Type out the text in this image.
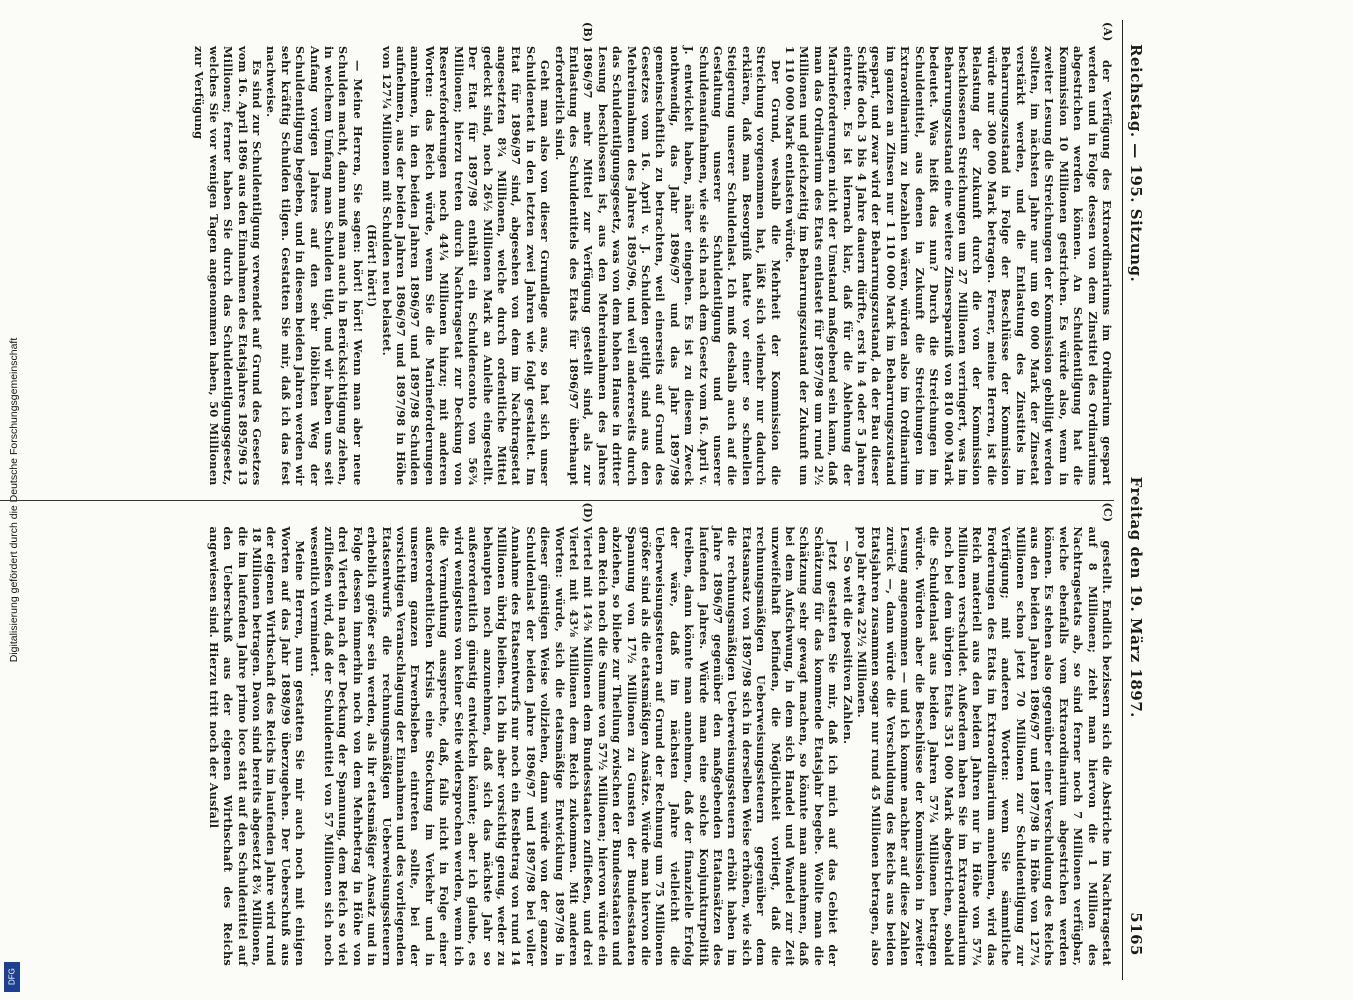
Digitalisierung gefördert durch die Deutsche Forschungsgemeinschaft
DFG
Reichstag. — 195. Sitzung.
Freitag den 19. März 1897.
5165
(A)
(B)

der Verfügung des Extraordinariums im Ordinarium gespart werden und in Folge dessen von dem Zinstitel des Ordinariums abgestrichen werden können. An Schuldentilgung hat die Kommission 10 Millionen gestrichen. Es würde also, wenn in zweiter Lesung die Streichungen der Kommission gebilligt werden sollten, im nächsten Jahre nur um 60 000 Mark der Zinsetat verstärkt werden, und die Entlastung des Zinstitels im Beharrungszustand in Folge der Beschlüsse der Kommission würde nur 300 000 Mark betragen. Ferner, meine Herren, ist die Belastung der Zukunft durch die von der Kommission beschlossenen Streichungen um 27 Millionen verringert, was im Beharrungszustand eine weitere Zinsersparniß von 810 000 Mark bedeutet. Was heißt das nun? Durch die Streichungen im Schuldentitel, aus denen in Zukunft die Streichungen im Extraordinarium zu bezahlen wären, würden also im Ordinarium im ganzen an Zinsen nur 1 110 000 Mark im Beharrungszustand gespart, und zwar wird der Beharrungszustand, da der Bau dieser Schiffe doch 3 bis 4 Jahre dauern dürfte, erst in 4 oder 5 Jahren eintreten. Es ist hiernach klar, daß für die Ablehnung der Marineforderungen nicht der Umstand maßgebend sein kann, daß man das Ordinarium des Etats entlastet für 1897/98 um rund 2½ Millionen und gleichzeitig im Beharrungszustand der Zukunft um 1 110 000 Mark entlasten würde.

Der Grund, weshalb die Mehrheit der Kommission die Streichung vorgenommen hat, läßt sich vielmehr nur dadurch erklären, daß man Besorgniß hatte vor einer so schnellen Steigerung unserer Schuldenlast. Ich muß deshalb auch auf die Gestaltung unserer Schuldentilgung und unserer Schuldenaufnahmen, wie sie sich nach dem Gesetz vom 16. April v. J. entwickelt haben, näher eingehen. Es ist zu diesem Zweck nothwendig, das Jahr 1896/97 und das Jahr 1897/98 gemeinschaftlich zu betrachten, weil einerseits auf Grund des Gesetzes vom 16. April v. J. Schulden getilgt sind aus den Mehreinnahmen des Jahres 1895/96, und weil andererseits durch das Schuldentilgungsgesetz, was von dem hohen Hause in dritter Lesung beschlossen ist, aus den Mehreinnahmen des Jahres 1896/97 mehr Mittel zur Verfügung gestellt sind, als zur Entlastung des Schuldentitels des Etats für 1896/97 überhaupt erforderlich sind.

Geht man also von dieser Grundlage aus, so hat sich unser Schuldenetat in den letzten zwei Jahren wie folgt gestaltet. Im Etat für 1896/97 sind, abgesehen von dem im Nachtragsetat angesetzten 8¾ Millionen, welche durch ordentliche Mittel gedeckt sind, noch 26½ Millionen Mark an Anleihe eingestellt. Der Etat für 1897/98 enthält ein Schuldenconto von 56¾ Millionen; hierzu treten durch Nachtragsetat zur Deckung von Reserveforderungen noch 44¼ Millionen hinzu; mit anderen Worten: das Reich würde, wenn Sie die Marineforderungen annehmen, in den beiden Jahren 1896/97 und 1897/98 Schulden aufnehmen, aus der beiden Jahren 1896/97 und 1897/98 in Höhe von 127¼ Millionen mit Schulden neu belastet.

(Hört! hört!)

— Meine Herren, Sie sagen: hört! hört! Wenn man aber neue Schulden macht, dann muß man auch in Berücksichtigung ziehen, in welchem Umfang man Schulden tilgt, und wir haben uns seit Anfang vorigen Jahres auf den sehr löblichen Weg der Schuldentilgung begeben, und in diesem beiden Jahren werden wir sehr kräftig Schulden tilgen. Gestatten Sie mir, daß ich das fest nachweise.

Es sind zur Schuldentilgung verwendet auf Grund des Gesetzes vom 16. April 1896 aus den Einnahmen des Etatsjahres 1895/96 13 Millionen; ferner haben Sie durch das Schuldentilgungsgesetz, welches Sie vor wenigen Tagen angenommen haben, 50 Millionen zur Verfügung

(C)
(D)

gestellt. Endlich bezissern sich die Abstriche im Nachtragsetat auf 8 Millionen; zieht man hiervon die 1 Million des Nachtragsetats ab, so sind ferner noch 7 Millionen verfügbar, welche ebenfalls vom Extraordinarium abgestrichen werden können. Es stehen also gegenüber einer Verschuldung des Reichs aus den beiden Jahren 1896/97 und 1897/98 in Höhe von 127¼ Millionen schon jetzt 70 Millionen zur Schuldentilgung zur Verfügung; mit anderen Worten: wenn Sie sämmtliche Forderungen des Etats im Extraordinarium annehmen, wird das Reich materiell aus den beiden Jahren nur in Höhe von 57¼ Millionen verschuldet. Außerdem haben Sie im Extraordinarium noch bei dem übrigen Etats 351 000 Mark abgestrichen, sobald die Schuldenlast aus beiden Jahren 57¼ Millionen betragen würde. Würden aber die Beschlüsse der Kommission in zweiter Lesung angenommen — und ich komme nachher auf diese Zahlen zurück —, dann würde die Verschuldung des Reichs aus beiden Etatsjahren zusammen sogar nur rund 45 Millionen betragen, also pro Jahr etwa 22½ Millionen.

— So weit die positiven Zahlen.

Jetzt gestatten Sie mir, daß ich mich auf das Gebiet der Schätzung für das kommende Etatsjahr begebe. Wollte man die Schätzung sehr gewagt machen, so könnte man annehmen, daß bei dem Aufschwung, in dem sich Handel und Wandel zur Zeit unzweifelhaft befinden, die Möglichkeit vorliegt, daß die rechnungsmäßigen Ueberweisungssteuern gegenüber dem Etatsansatz von 1897/98 sich in derselben Weise erhöhen, wie sich die rechnungsmäßigen Ueberweisungssteuern erhöht haben im Jahre 1896/97 gegenüber den maßgebenden Etatansätzen des laufenden Jahres. Würde man eine solche Konjunkturpolitik treiben, dann könnte man annehmen, daß der finanzielle Erfolg der wäre, daß im nächsten Jahre vielleicht die Ueberweisungssteuern auf Grund der Rechnung um 75 Millionen größer sind als die etatsmäßigen Ansätze. Würde man hiervon die Spannung von 17½ Millionen zu Gunsten der Bundesstaaten abziehen, so bliebe zur Theilung zwischen der Bundesstaaten und dem Reich noch die Summe von 57½ Millionen; hiervon würde ein Viertel mit 14⅜ Millionen dem Bundesstaaten zufließen, und drei Viertel mit 43⅛ Millionen dem Reich zukommen. Mit anderen Worten: würde, sich die etatsmäßige Entwicklung 1897/98 in dieser günstigen Weise vollziehen, dann würde von der ganzen Schuldenlast der beiden Jahre 1896/97 und 1897/98 bei voller Annahme des Etatsentwurfs nur noch ein Restbetrag von rund 14 Millionen übrig bleiben. Ich bin aber vorsichtig genug, weder zu behaupten noch anzunehmen, daß sich das nächste Jahr so außerordentlich günstig entwickeln könnte; aber ich glaube, es wird wenigstens von keiner Seite widersprochen werden, wenn ich die Vermuthung ausspreche, daß, falls nicht in Folge einer außerordentlichen Krisis eine Stockung im Verkehr und in unserem ganzen Erwerbsleben eintreten sollte, bei der vorsichtigen Veranschlagung der Einnahmen und des vorliegenden Etatsentwurfs die rechnungsmäßigen Ueberweisungssteuern erheblich größer sein werden, als ihr etatsmäßiger Ansatz und in Folge dessen immerhin noch von dem Mehrbetrag in Höhe von drei Vierteln nach der Deckung der Spannung, dem Reich so viel zufließen wird, daß der Schuldentitel von 57 Millionen sich noch wesentlich vermindert.

Meine Herren, nun gestatten Sie mir auch noch mit einigen Worten auf das Jahr 1898/99 überzugehen. Der Ueberschuß aus der eigenen Wirthschaft des Reichs im laufenden Jahre wird rund 18 Millionen betragen. Davon sind bereits abgesetzt 8¾ Millionen, die im laufenden Jahre primo loco statt auf den Schuldentitel auf den Ueberschuß aus der eigenen Wirthschaft des Reichs angewiesen sind. Hierzu tritt noch der Ausfall
